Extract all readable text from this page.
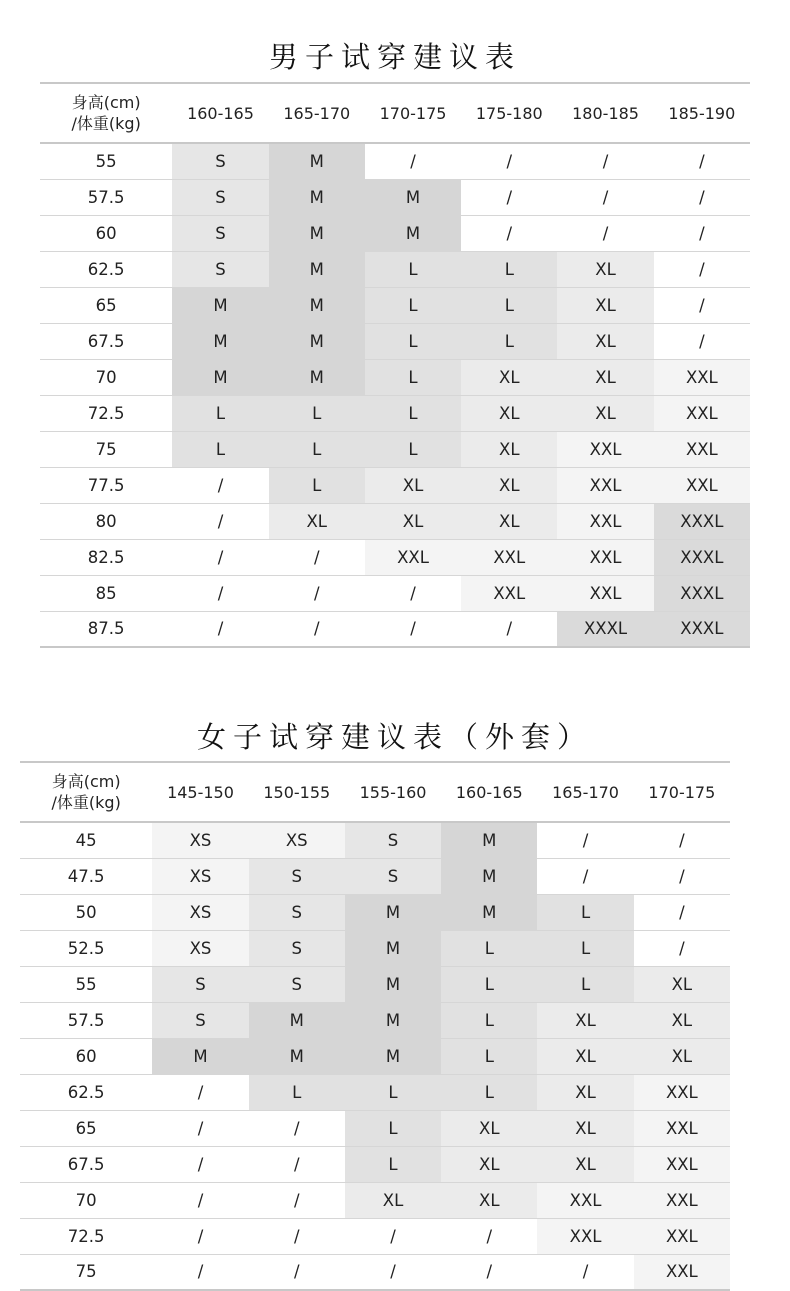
男子试穿建议表
身高(cm)
/体重(kg)	160-165	165-170	170-175	175-180	180-185	185-190
55	S	M	/	/	/	/
57.5	S	M	M	/	/	/
60	S	M	M	/	/	/
62.5	S	M	L	L	XL	/
65	M	M	L	L	XL	/
67.5	M	M	L	L	XL	/
70	M	M	L	XL	XL	XXL
72.5	L	L	L	XL	XL	XXL
75	L	L	L	XL	XXL	XXL
77.5	/	L	XL	XL	XXL	XXL
80	/	XL	XL	XL	XXL	XXXL
82.5	/	/	XXL	XXL	XXL	XXXL
85	/	/	/	XXL	XXL	XXXL
87.5	/	/	/	/	XXXL	XXXL
女子试穿建议表（外套）
身高(cm)
/体重(kg)	145-150	150-155	155-160	160-165	165-170	170-175
45	XS	XS	S	M	/	/
47.5	XS	S	S	M	/	/
50	XS	S	M	M	L	/
52.5	XS	S	M	L	L	/
55	S	S	M	L	L	XL
57.5	S	M	M	L	XL	XL
60	M	M	M	L	XL	XL
62.5	/	L	L	L	XL	XXL
65	/	/	L	XL	XL	XXL
67.5	/	/	L	XL	XL	XXL
70	/	/	XL	XL	XXL	XXL
72.5	/	/	/	/	XXL	XXL
75	/	/	/	/	/	XXL
